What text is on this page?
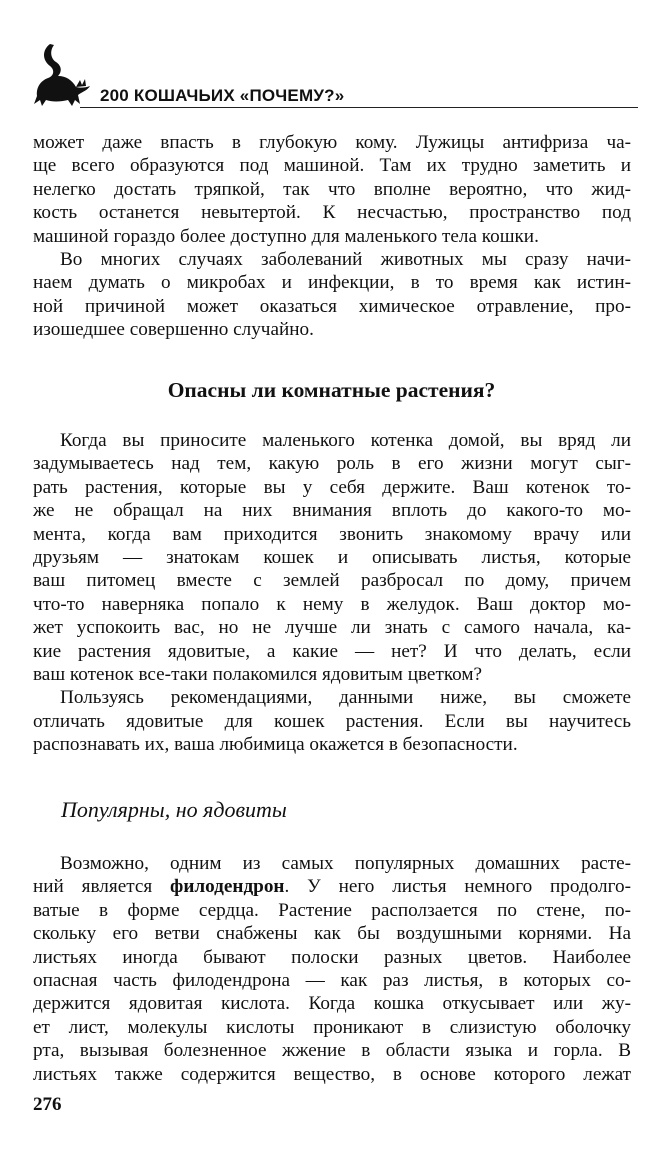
200 КОШАЧЬИХ «ПОЧЕМУ?»

может даже впасть в глубокую кому. Лужицы антифриза ча-

ще всего образуются под машиной. Там их трудно заметить и

нелегко достать тряпкой, так что вполне вероятно, что жид-

кость останется невытертой. К несчастью, пространство под

машиной гораздо более доступно для маленького тела кошки.

Во многих случаях заболеваний животных мы сразу начи-

наем думать о микробах и инфекции, в то время как истин-

ной причиной может оказаться химическое отравление, про-

изошедшее совершенно случайно.

Опасны ли комнатные растения?

Когда вы приносите маленького котенка домой, вы вряд ли

задумываетесь над тем, какую роль в его жизни могут сыг-

рать растения, которые вы у себя держите. Ваш котенок то-

же не обращал на них внимания вплоть до какого-то мо-

мента, когда вам приходится звонить знакомому врачу или

друзьям — знатокам кошек и описывать листья, которые

ваш питомец вместе с землей разбросал по дому, причем

что-то наверняка попало к нему в желудок. Ваш доктор мо-

жет успокоить вас, но не лучше ли знать с самого начала, ка-

кие растения ядовитые, а какие — нет? И что делать, если

ваш котенок все-таки полакомился ядовитым цветком?

Пользуясь рекомендациями, данными ниже, вы сможете

отличать ядовитые для кошек растения. Если вы научитесь

распознавать их, ваша любимица окажется в безопасности.

Популярны, но ядовиты

Возможно, одним из самых популярных домашних расте-

ний является филодендрон. У него листья немного продолго-

ватые в форме сердца. Растение расползается по стене, по-

скольку его ветви снабжены как бы воздушными корнями. На

листьях иногда бывают полоски разных цветов. Наиболее

опасная часть филодендрона — как раз листья, в которых со-

держится ядовитая кислота. Когда кошка откусывает или жу-

ет лист, молекулы кислоты проникают в слизистую оболочку

рта, вызывая болезненное жжение в области языка и горла. В

листьях также содержится вещество, в основе которого лежат

276
